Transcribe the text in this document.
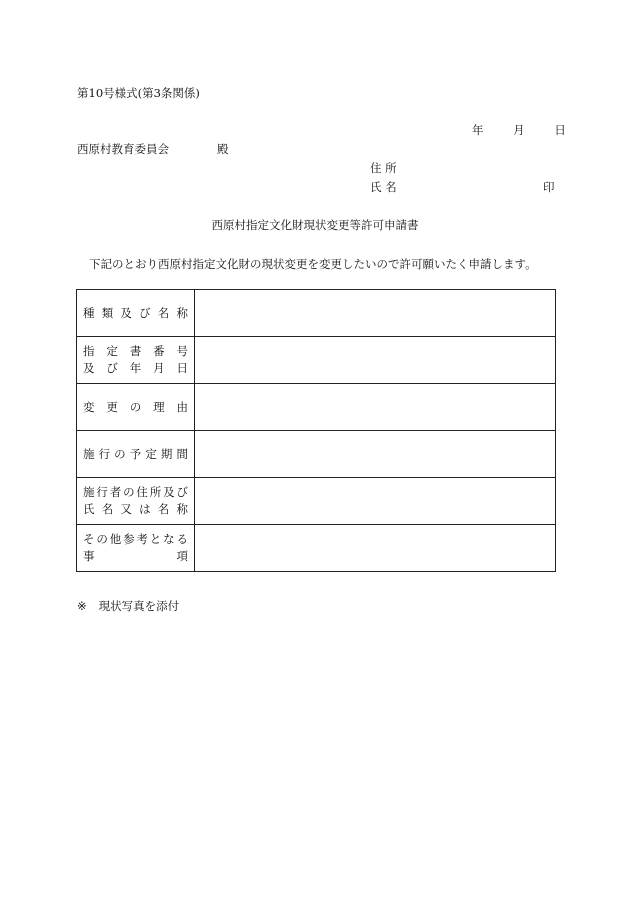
第10号様式(第3条関係)
年	月	日
西原村教育委員会	殿
住 所
氏 名	印
西原村指定文化財現状変更等許可申請書
下記のとおり西原村指定文化財の現状変更を変更したいので許可願いたく申請します。
種類及び名称	

指定書番号
及び年月日	

変更の理由	

施行の予定期間	

施行者の住所及び
氏名又は名称	

その他参考となる
事項	

※ 現状写真を添付
